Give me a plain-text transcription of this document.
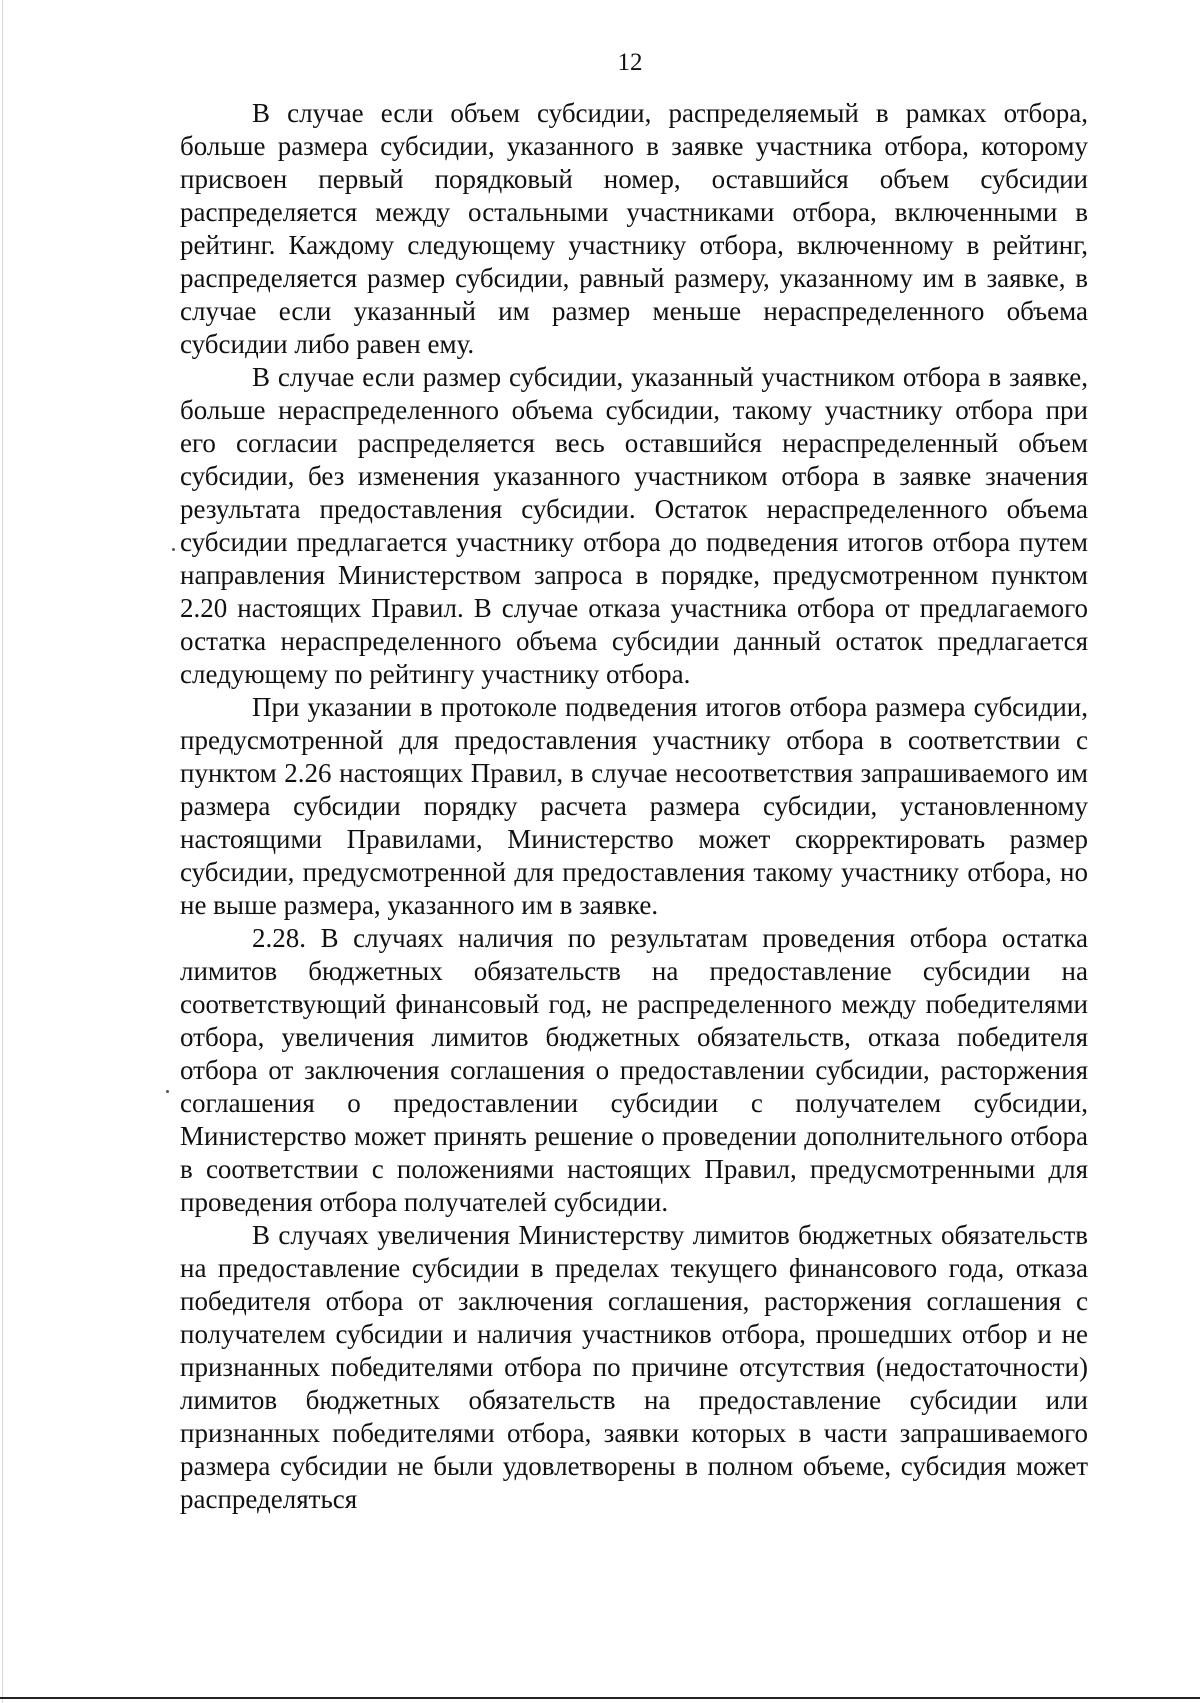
12

В случае если объем субсидии, распределяемый в рамках отбора, больше размера субсидии, указанного в заявке участника отбора, которому присвоен первый порядковый номер, оставшийся объем субсидии распределяется между остальными участниками отбора, включенными в рейтинг. Каждому следующему участнику отбора, включенному в рейтинг, распределяется размер субсидии, равный размеру, указанному им в заявке, в случае если указанный им размер меньше нераспределенного объема субсидии либо равен ему.

В случае если размер субсидии, указанный участником отбора в заявке, больше нераспределенного объема субсидии, такому участнику отбора при его согласии распределяется весь оставшийся нераспределенный объем субсидии, без изменения указанного участником отбора в заявке значения результата предоставления субсидии. Остаток нераспределенного объема субсидии предлагается участнику отбора до подведения итогов отбора путем направления Министерством запроса в порядке, предусмотренном пунктом 2.20 настоящих Правил. В случае отказа участника отбора от предлагаемого остатка нераспределенного объема субсидии данный остаток предлагается следующему по рейтингу участнику отбора.

При указании в протоколе подведения итогов отбора размера субсидии, предусмотренной для предоставления участнику отбора в соответствии с пунктом 2.26 настоящих Правил, в случае несоответствия запрашиваемого им размера субсидии порядку расчета размера субсидии, установленному настоящими Правилами, Министерство может скорректировать размер субсидии, предусмотренной для предоставления такому участнику отбора, но не выше размера, указанного им в заявке.

2.28. В случаях наличия по результатам проведения отбора остатка лимитов бюджетных обязательств на предоставление субсидии на соответствующий финансовый год, не распределенного между победителями отбора, увеличения лимитов бюджетных обязательств, отказа победителя отбора от заключения соглашения о предоставлении субсидии, расторжения соглашения о предоставлении субсидии с получателем субсидии, Министерство может принять решение о проведении дополнительного отбора в соответствии с положениями настоящих Правил, предусмотренными для проведения отбора получателей субсидии.

В случаях увеличения Министерству лимитов бюджетных обязательств на предоставление субсидии в пределах текущего финансового года, отказа победителя отбора от заключения соглашения, расторжения соглашения с получателем субсидии и наличия участников отбора, прошедших отбор и не признанных победителями отбора по причине отсутствия (недостаточности) лимитов бюджетных обязательств на предоставление субсидии или признанных победителями отбора, заявки которых в части запрашиваемого размера субсидии не были удовлетворены в полном объеме, субсидия может распределяться
